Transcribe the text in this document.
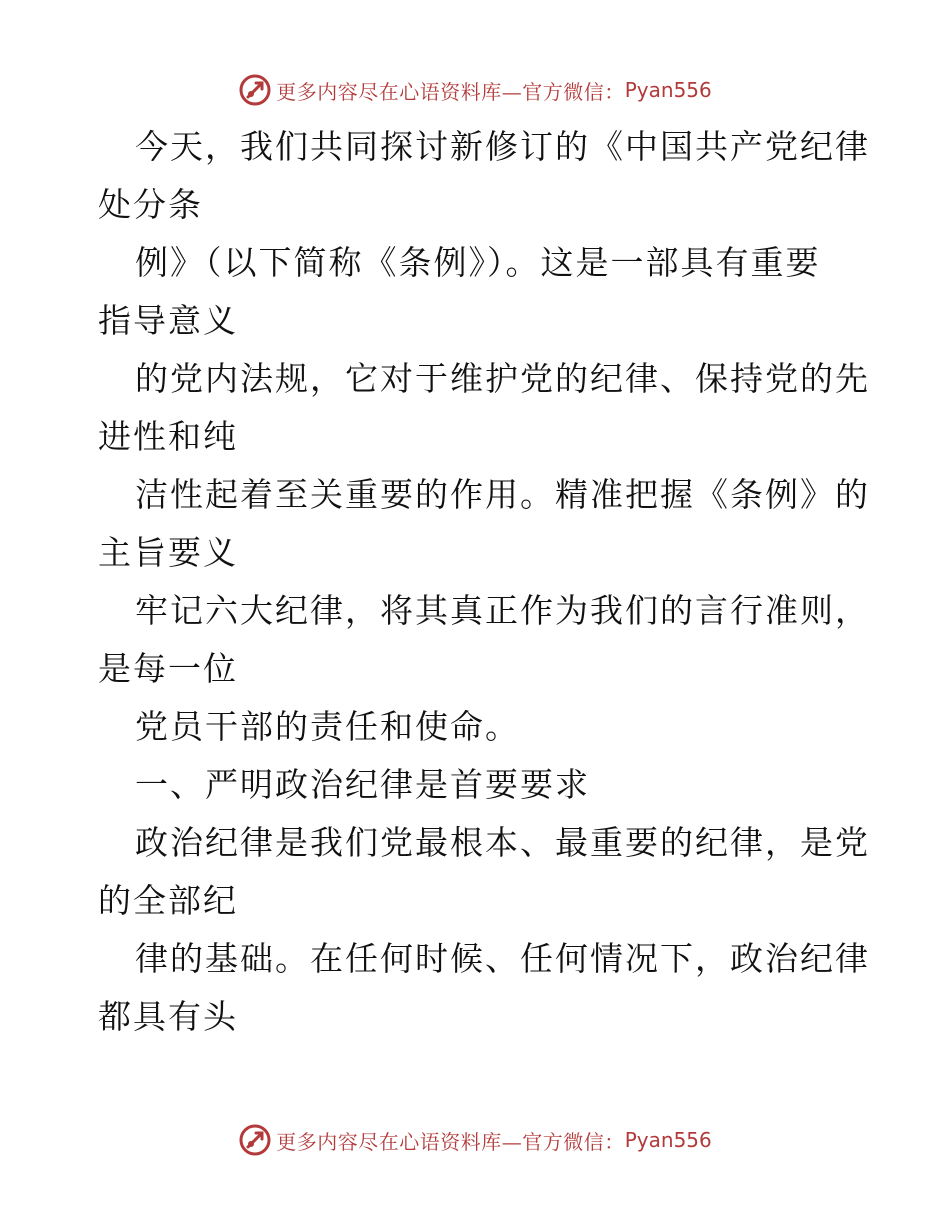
更多内容尽在心语资料库—官方微信： Pyan556
今天，我们共同探讨新修订的《中国共产党纪律
处分条
例》（以下简称《条例》）。这是一部具有重要
指导意义
的党内法规，它对于维护党的纪律、保持党的先
进性和纯
洁性起着至关重要的作用。精准把握《条例》的
主旨要义
牢记六大纪律，将其真正作为我们的言行准则，
是每一位
党员干部的责任和使命。
一、严明政治纪律是首要要求
政治纪律是我们党最根本、最重要的纪律，是党
的全部纪
律的基础。在任何时候、任何情况下，政治纪律
都具有头
更多内容尽在心语资料库—官方微信： Pyan556
